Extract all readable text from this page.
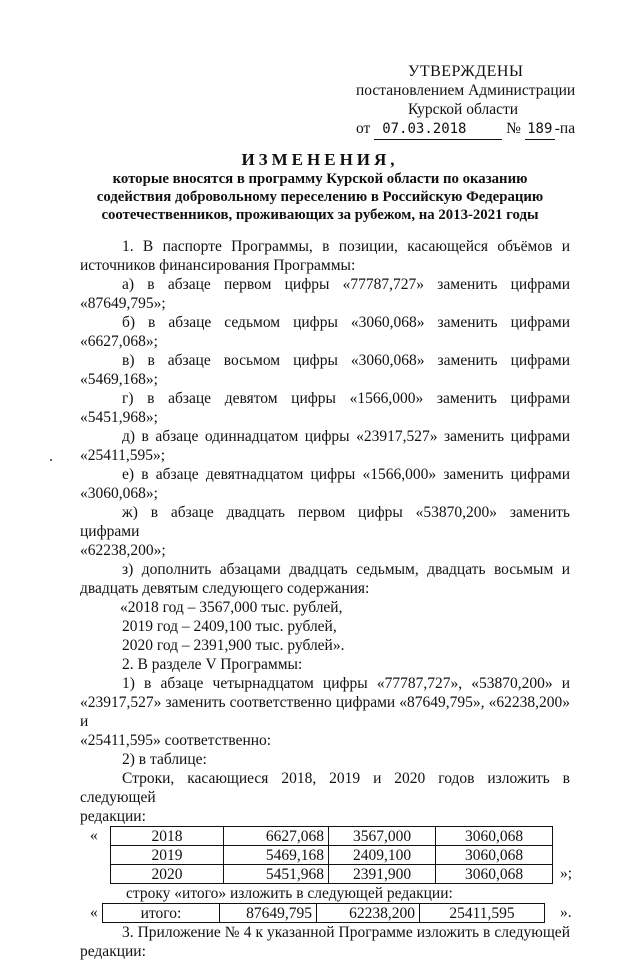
УТВЕРЖДЕНЫ
постановлением Администрации
Курской области
от 07.03.2018	№ 189 -па
ИЗМЕНЕНИЯ,
которые вносятся в программу Курской области по оказанию
содействия добровольному переселению в Российскую Федерацию
соотечественников, проживающих за рубежом, на 2013-2021 годы

1. В паспорте Программы, в позиции, касающейся объёмов и

источников финансирования Программы:

а) в абзаце первом цифры «77787,727» заменить цифрами

«87649,795»;

б) в абзаце седьмом цифры «3060,068» заменить цифрами

«6627,068»;

в) в абзаце восьмом цифры «3060,068» заменить цифрами

«5469,168»;

г) в абзаце девятом цифры «1566,000» заменить цифрами «5451,968»;

д) в абзаце одиннадцатом цифры «23917,527» заменить цифрами

«25411,595»;

е) в абзаце девятнадцатом цифры «1566,000» заменить цифрами

«3060,068»;

ж) в абзаце двадцать первом цифры «53870,200» заменить цифрами

«62238,200»;

з) дополнить абзацами двадцать седьмым, двадцать восьмым и

двадцать девятым следующего содержания:

«2018 год – 3567,000 тыс. рублей,

2019 год – 2409,100 тыс. рублей,

2020 год – 2391,900 тыс. рублей».

2. В разделе V Программы:

1) в абзаце четырнадцатом цифры «77787,727», «53870,200» и

«23917,527» заменить соответственно цифрами «87649,795», «62238,200» и

«25411,595» соответственно:

2) в таблице:

Строки, касающиеся 2018, 2019 и 2020 годов изложить в следующей

редакции:

«	2018	6627,068	3567,000	3060,068
2019	5469,168	2409,100	3060,068
2020	5451,968	2391,900	3060,068 »;

строку «итого» изложить в следующей редакции:

«	итого:	87649,795	62238,200	25411,595	».

3. Приложение № 4 к указанной Программе изложить в следующей

редакции:
